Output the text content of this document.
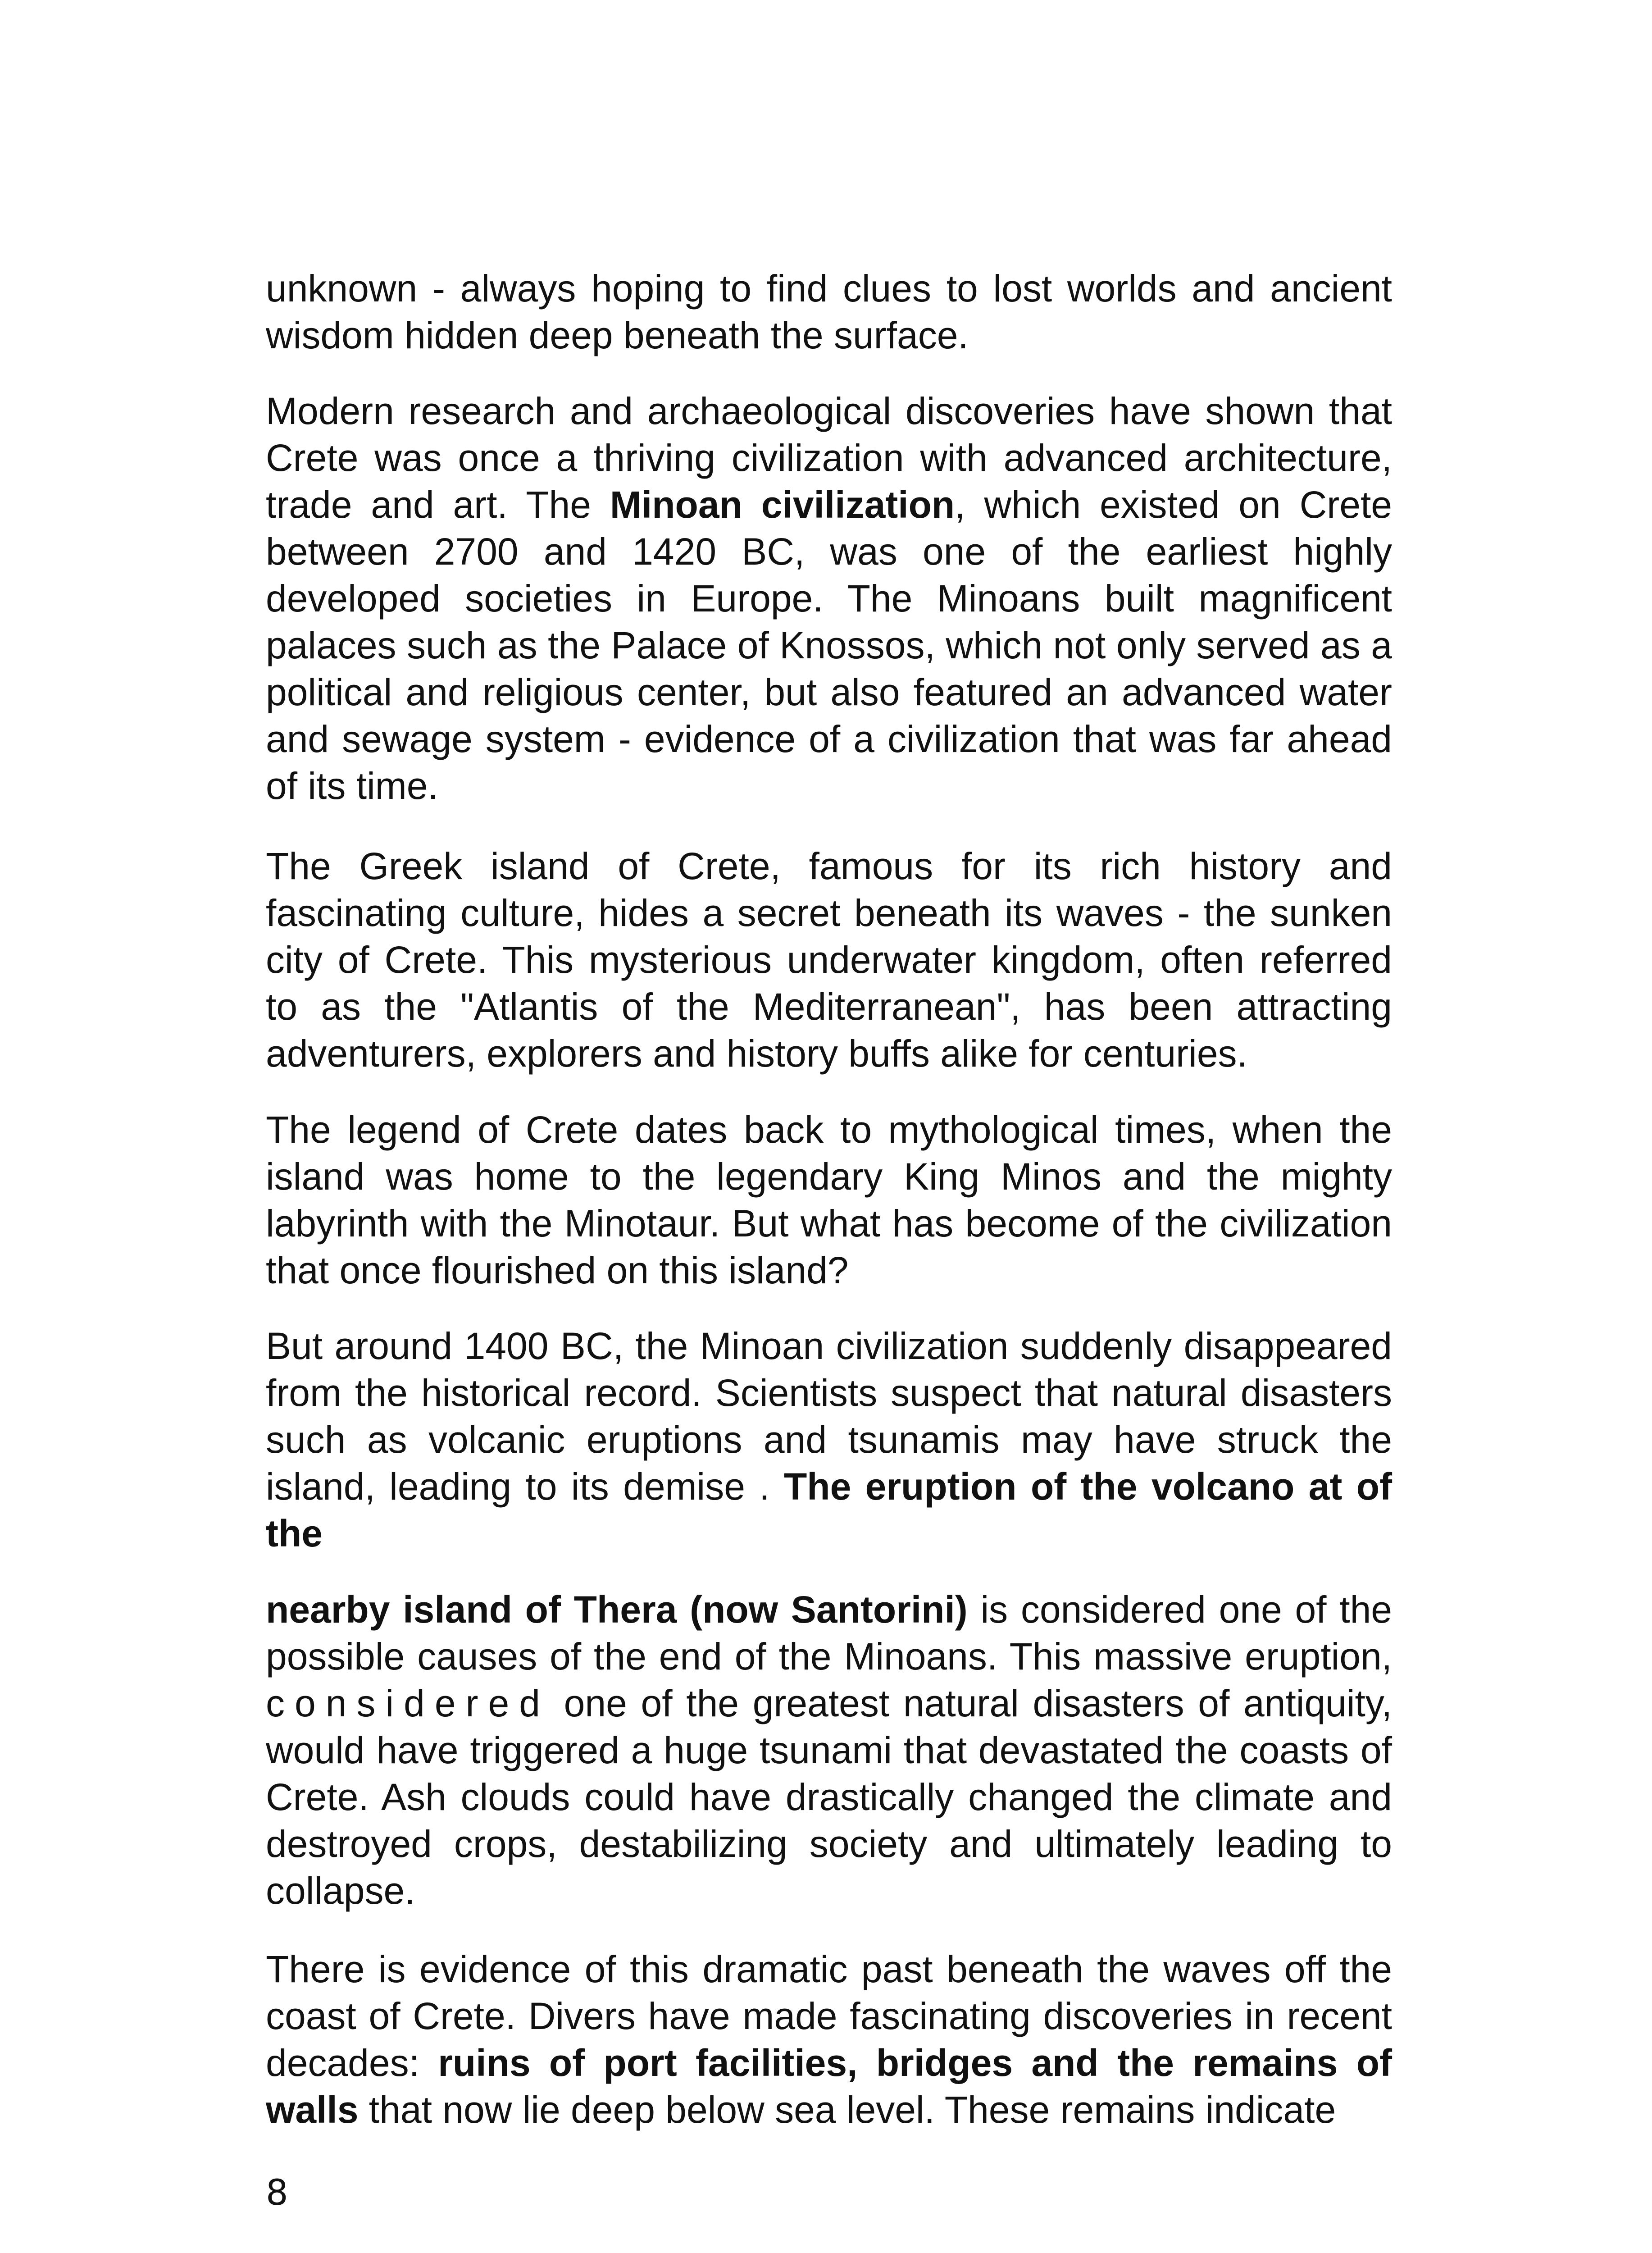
unknown - always hoping to find clues to lost worlds and ancient wisdom hidden deep beneath the surface.

Modern research and archaeological discoveries have shown that Crete was once a thriving civilization with advanced architecture, trade and art. The Minoan civilization, which existed on Crete between 2700 and 1420 BC, was one of the earliest highly developed societies in Europe. The Minoans built magnificent palaces such as the Palace of Knossos, which not only served as a political and religious center, but also featured an advanced water and sewage system - evidence of a civilization that was far ahead of its time.

The Greek island of Crete, famous for its rich history and fascinating culture, hides a secret beneath its waves - the sunken city of Crete. This mysterious underwater kingdom, often referred to as the "Atlantis of the Mediterranean", has been attracting adventurers, explorers and history buffs alike for centuries.

The legend of Crete dates back to mythological times, when the island was home to the legendary King Minos and the mighty labyrinth with the Minotaur. But what has become of the civilization that once flourished on this island?

But around 1400 BC, the Minoan civilization suddenly disappeared from the historical record. Scientists suspect that natural disasters such as volcanic eruptions and tsunamis may have struck the island, leading to its demise . The eruption of the volcano at of the

nearby island of Thera (now Santorini) is considered one of the possible causes of the end of the Minoans. This massive eruption, considered one of the greatest natural disasters of antiquity, would have triggered a huge tsunami that devastated the coasts of Crete. Ash clouds could have drastically changed the climate and destroyed crops, destabilizing society and ultimately leading to collapse.

There is evidence of this dramatic past beneath the waves off the coast of Crete. Divers have made fascinating discoveries in recent decades: ruins of port facilities, bridges and the remains of walls that now lie deep below sea level. These remains indicate

8
